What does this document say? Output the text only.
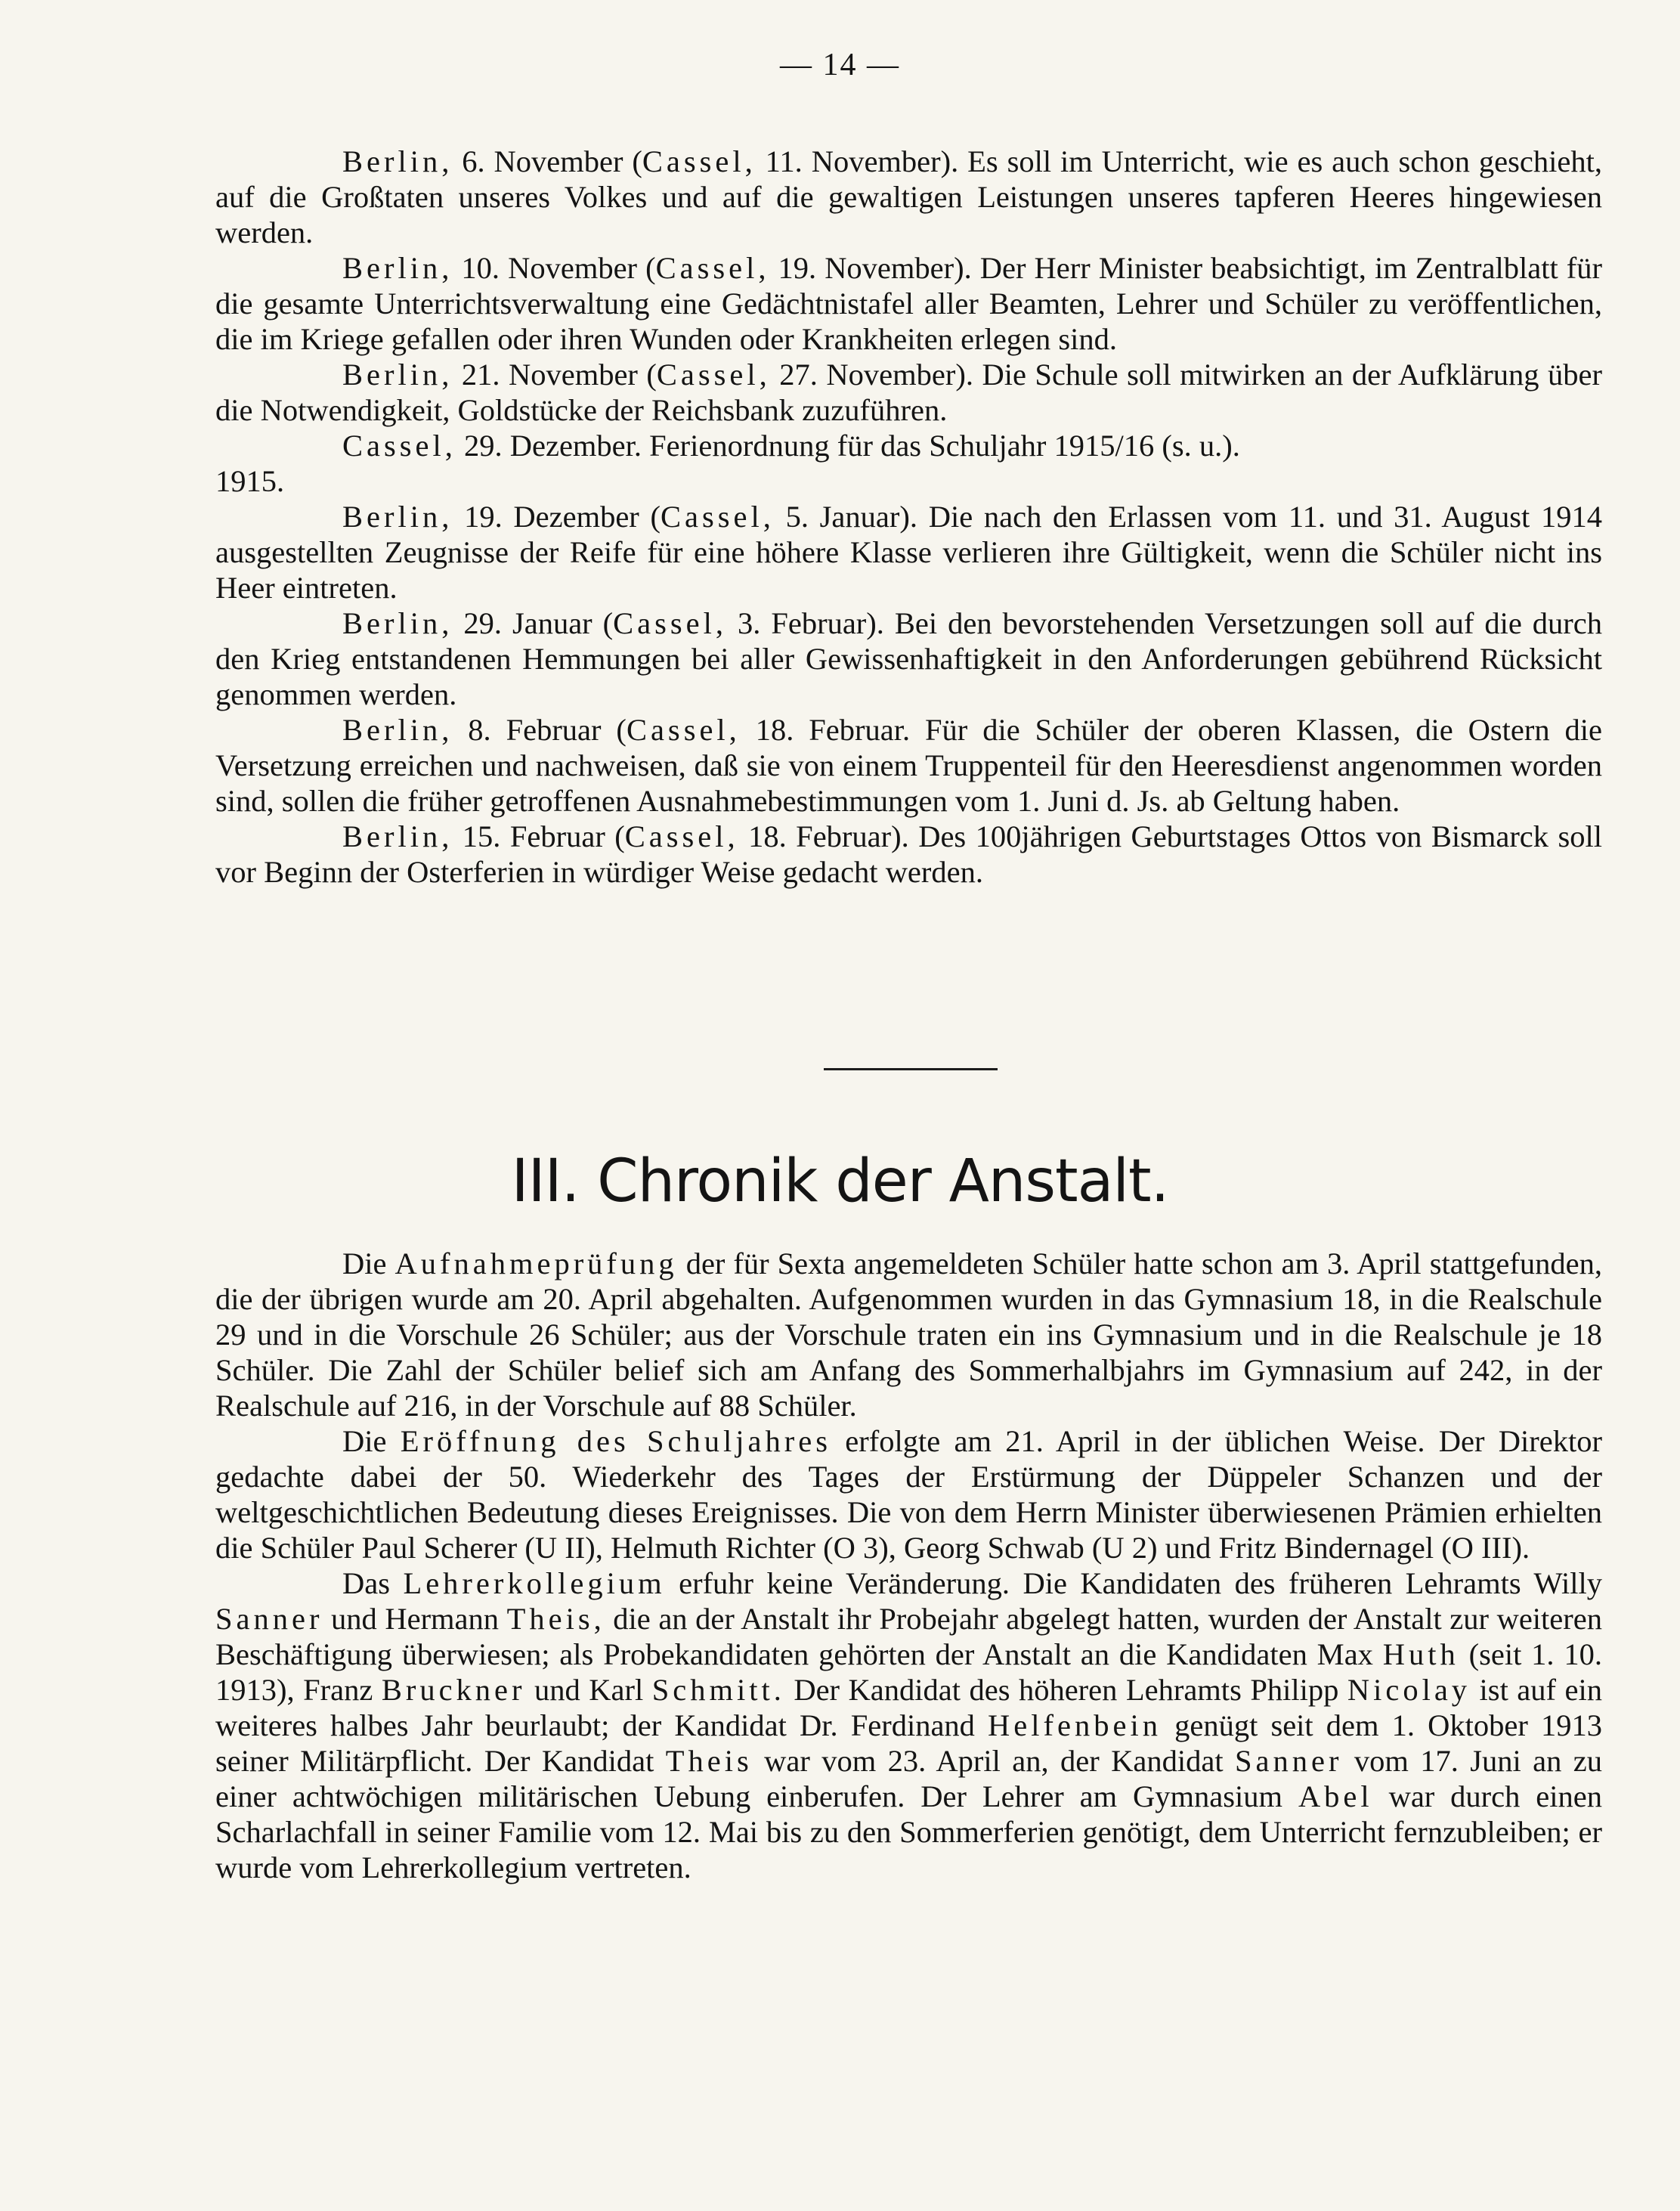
— 14 —

Berlin, 6. November (Cassel, 11. November). Es soll im Unterricht, wie es auch schon geschieht, auf die Großtaten unseres Volkes und auf die gewaltigen Leistungen unseres tapferen Heeres hingewiesen werden.

Berlin, 10. November (Cassel, 19. November). Der Herr Minister beabsichtigt, im Zentralblatt für die gesamte Unterrichtsverwaltung eine Gedächtnistafel aller Beamten, Lehrer und Schüler zu veröffentlichen, die im Kriege gefallen oder ihren Wunden oder Krankheiten erlegen sind.

Berlin, 21. November (Cassel, 27. November). Die Schule soll mitwirken an der Aufklärung über die Notwendigkeit, Goldstücke der Reichsbank zuzuführen.

Cassel, 29. Dezember. Ferienordnung für das Schuljahr 1915/16 (s. u.).

1915.

Berlin, 19. Dezember (Cassel, 5. Januar). Die nach den Erlassen vom 11. und 31. August 1914 ausgestellten Zeugnisse der Reife für eine höhere Klasse verlieren ihre Gültigkeit, wenn die Schüler nicht ins Heer eintreten.

Berlin, 29. Januar (Cassel, 3. Februar). Bei den bevorstehenden Versetzungen soll auf die durch den Krieg entstandenen Hemmungen bei aller Gewissenhaftigkeit in den Anforderungen gebührend Rücksicht genommen werden.

Berlin, 8. Februar (Cassel, 18. Februar. Für die Schüler der oberen Klassen, die Ostern die Versetzung erreichen und nachweisen, daß sie von einem Truppenteil für den Heeresdienst angenommen worden sind, sollen die früher getroffenen Ausnahmebestimmungen vom 1. Juni d. Js. ab Geltung haben.

Berlin, 15. Februar (Cassel, 18. Februar). Des 100jährigen Geburtstages Ottos von Bismarck soll vor Beginn der Osterferien in würdiger Weise gedacht werden.

III. Chronik der Anstalt.

Die Aufnahmeprüfung der für Sexta angemeldeten Schüler hatte schon am 3. April stattgefunden, die der übrigen wurde am 20. April abgehalten. Aufgenommen wurden in das Gymnasium 18, in die Realschule 29 und in die Vorschule 26 Schüler; aus der Vorschule traten ein ins Gymnasium und in die Realschule je 18 Schüler. Die Zahl der Schüler belief sich am Anfang des Sommerhalbjahrs im Gymnasium auf 242, in der Realschule auf 216, in der Vorschule auf 88 Schüler.

Die Eröffnung des Schuljahres erfolgte am 21. April in der üblichen Weise. Der Direktor gedachte dabei der 50. Wiederkehr des Tages der Erstürmung der Düppeler Schanzen und der weltgeschichtlichen Bedeutung dieses Ereignisses. Die von dem Herrn Minister überwiesenen Prämien erhielten die Schüler Paul Scherer (U II), Helmuth Richter (O 3), Georg Schwab (U 2) und Fritz Bindernagel (O III).

Das Lehrerkollegium erfuhr keine Veränderung. Die Kandidaten des früheren Lehramts Willy Sanner und Hermann Theis, die an der Anstalt ihr Probejahr abgelegt hatten, wurden der Anstalt zur weiteren Beschäftigung überwiesen; als Probekandidaten gehörten der Anstalt an die Kandidaten Max Huth (seit 1. 10. 1913), Franz Bruckner und Karl Schmitt. Der Kandidat des höheren Lehramts Philipp Nicolay ist auf ein weiteres halbes Jahr beurlaubt; der Kandidat Dr. Ferdinand Helfenbein genügt seit dem 1. Oktober 1913 seiner Militärpflicht. Der Kandidat Theis war vom 23. April an, der Kandidat Sanner vom 17. Juni an zu einer achtwöchigen militärischen Uebung einberufen. Der Lehrer am Gymnasium Abel war durch einen Scharlachfall in seiner Familie vom 12. Mai bis zu den Sommerferien genötigt, dem Unterricht fernzubleiben; er wurde vom Lehrerkollegium vertreten.
